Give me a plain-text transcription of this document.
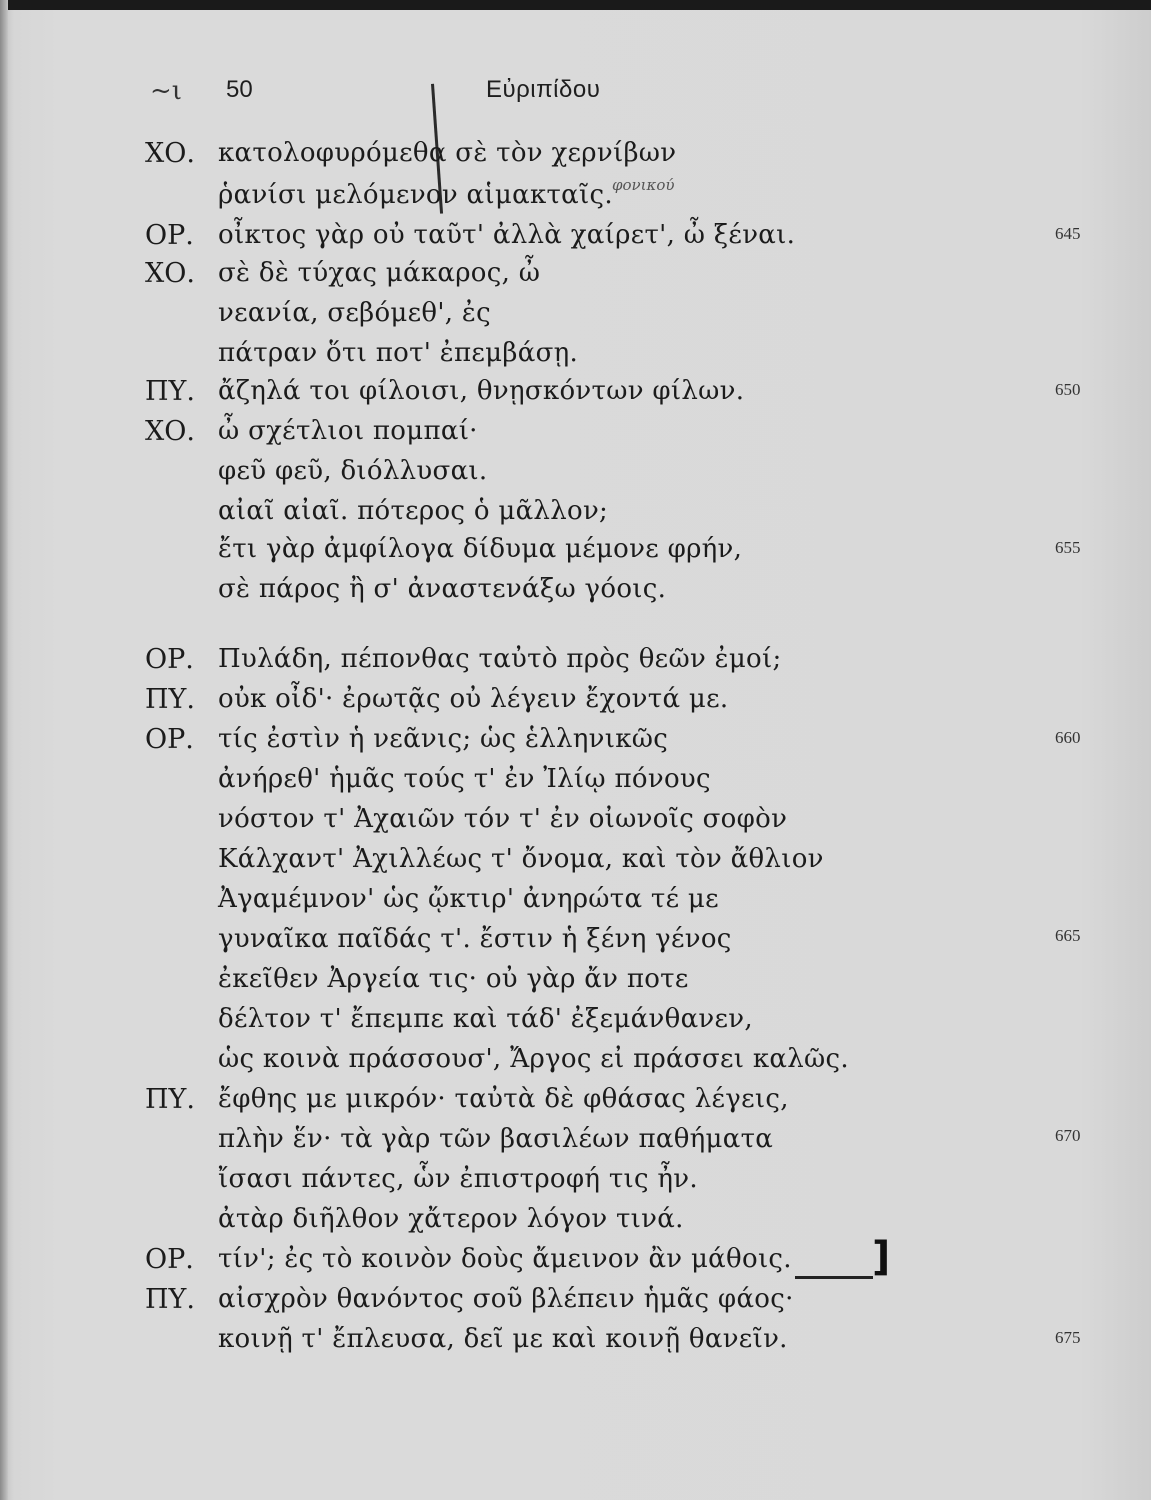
~ι 50	Εὐριπίδου
φονικού
ΧΟ. κατολοφυρόμεθα σὲ τὸν χερνίβων
ῥανίσι μελόμενον αἱμακταῖς.
ΟΡ. οἶκτος γὰρ οὐ ταῦτ' ἀλλὰ χαίρετ', ὦ ξέναι.	645
ΧΟ. σὲ δὲ τύχας μάκαρος, ὦ
νεανία, σεβόμεθ', ἐς
πάτραν ὅτι ποτ' ἐπεμβάσῃ.
ΠΥ. ἄζηλά τοι φίλοισι, θνῃσκόντων φίλων.	650
ΧΟ. ὦ σχέτλιοι πομπαί·
φεῦ φεῦ, διόλλυσαι.
αἰαῖ αἰαῖ. πότερος ὁ μᾶλλον;
ἔτι γὰρ ἀμφίλογα δίδυμα μέμονε φρήν,	655
σὲ πάρος ἢ σ' ἀναστενάξω γόοις.
ΟΡ. Πυλάδη, πέπονθας ταὐτὸ πρὸς θεῶν ἐμοί;
ΠΥ. οὐκ οἶδ'· ἐρωτᾷς οὐ λέγειν ἔχοντά με.
ΟΡ. τίς ἐστὶν ἡ νεᾶνις; ὡς ἑλληνικῶς	660
ἀνήρεθ' ἡμᾶς τούς τ' ἐν Ἰλίῳ πόνους
νόστον τ' Ἀχαιῶν τόν τ' ἐν οἰωνοῖς σοφὸν
Κάλχαντ' Ἀχιλλέως τ' ὄνομα, καὶ τὸν ἄθλιον
Ἀγαμέμνον' ὡς ᾤκτιρ' ἀνηρώτα τέ με
γυναῖκα παῖδάς τ'. ἔστιν ἡ ξένη γένος	665
ἐκεῖθεν Ἀργεία τις· οὐ γὰρ ἄν ποτε
δέλτον τ' ἔπεμπε καὶ τάδ' ἐξεμάνθανεν,
ὡς κοινὰ πράσσουσ', Ἄργος εἰ πράσσει καλῶς.
ΠΥ. ἔφθης με μικρόν· ταὐτὰ δὲ φθάσας λέγεις,
πλὴν ἕν· τὰ γὰρ τῶν βασιλέων παθήματα	670
ἴσασι πάντες, ὧν ἐπιστροφή τις ἦν.
ἀτὰρ διῆλθον χἄτερον λόγον τινά.
ΟΡ. τίν'; ἐς τὸ κοινὸν δοὺς ἄμεινον ἂν μάθοις.
ΠΥ. αἰσχρὸν θανόντος σοῦ βλέπειν ἡμᾶς φάος·
κοινῇ τ' ἔπλευσα, δεῖ με καὶ κοινῇ θανεῖν.	675
]
